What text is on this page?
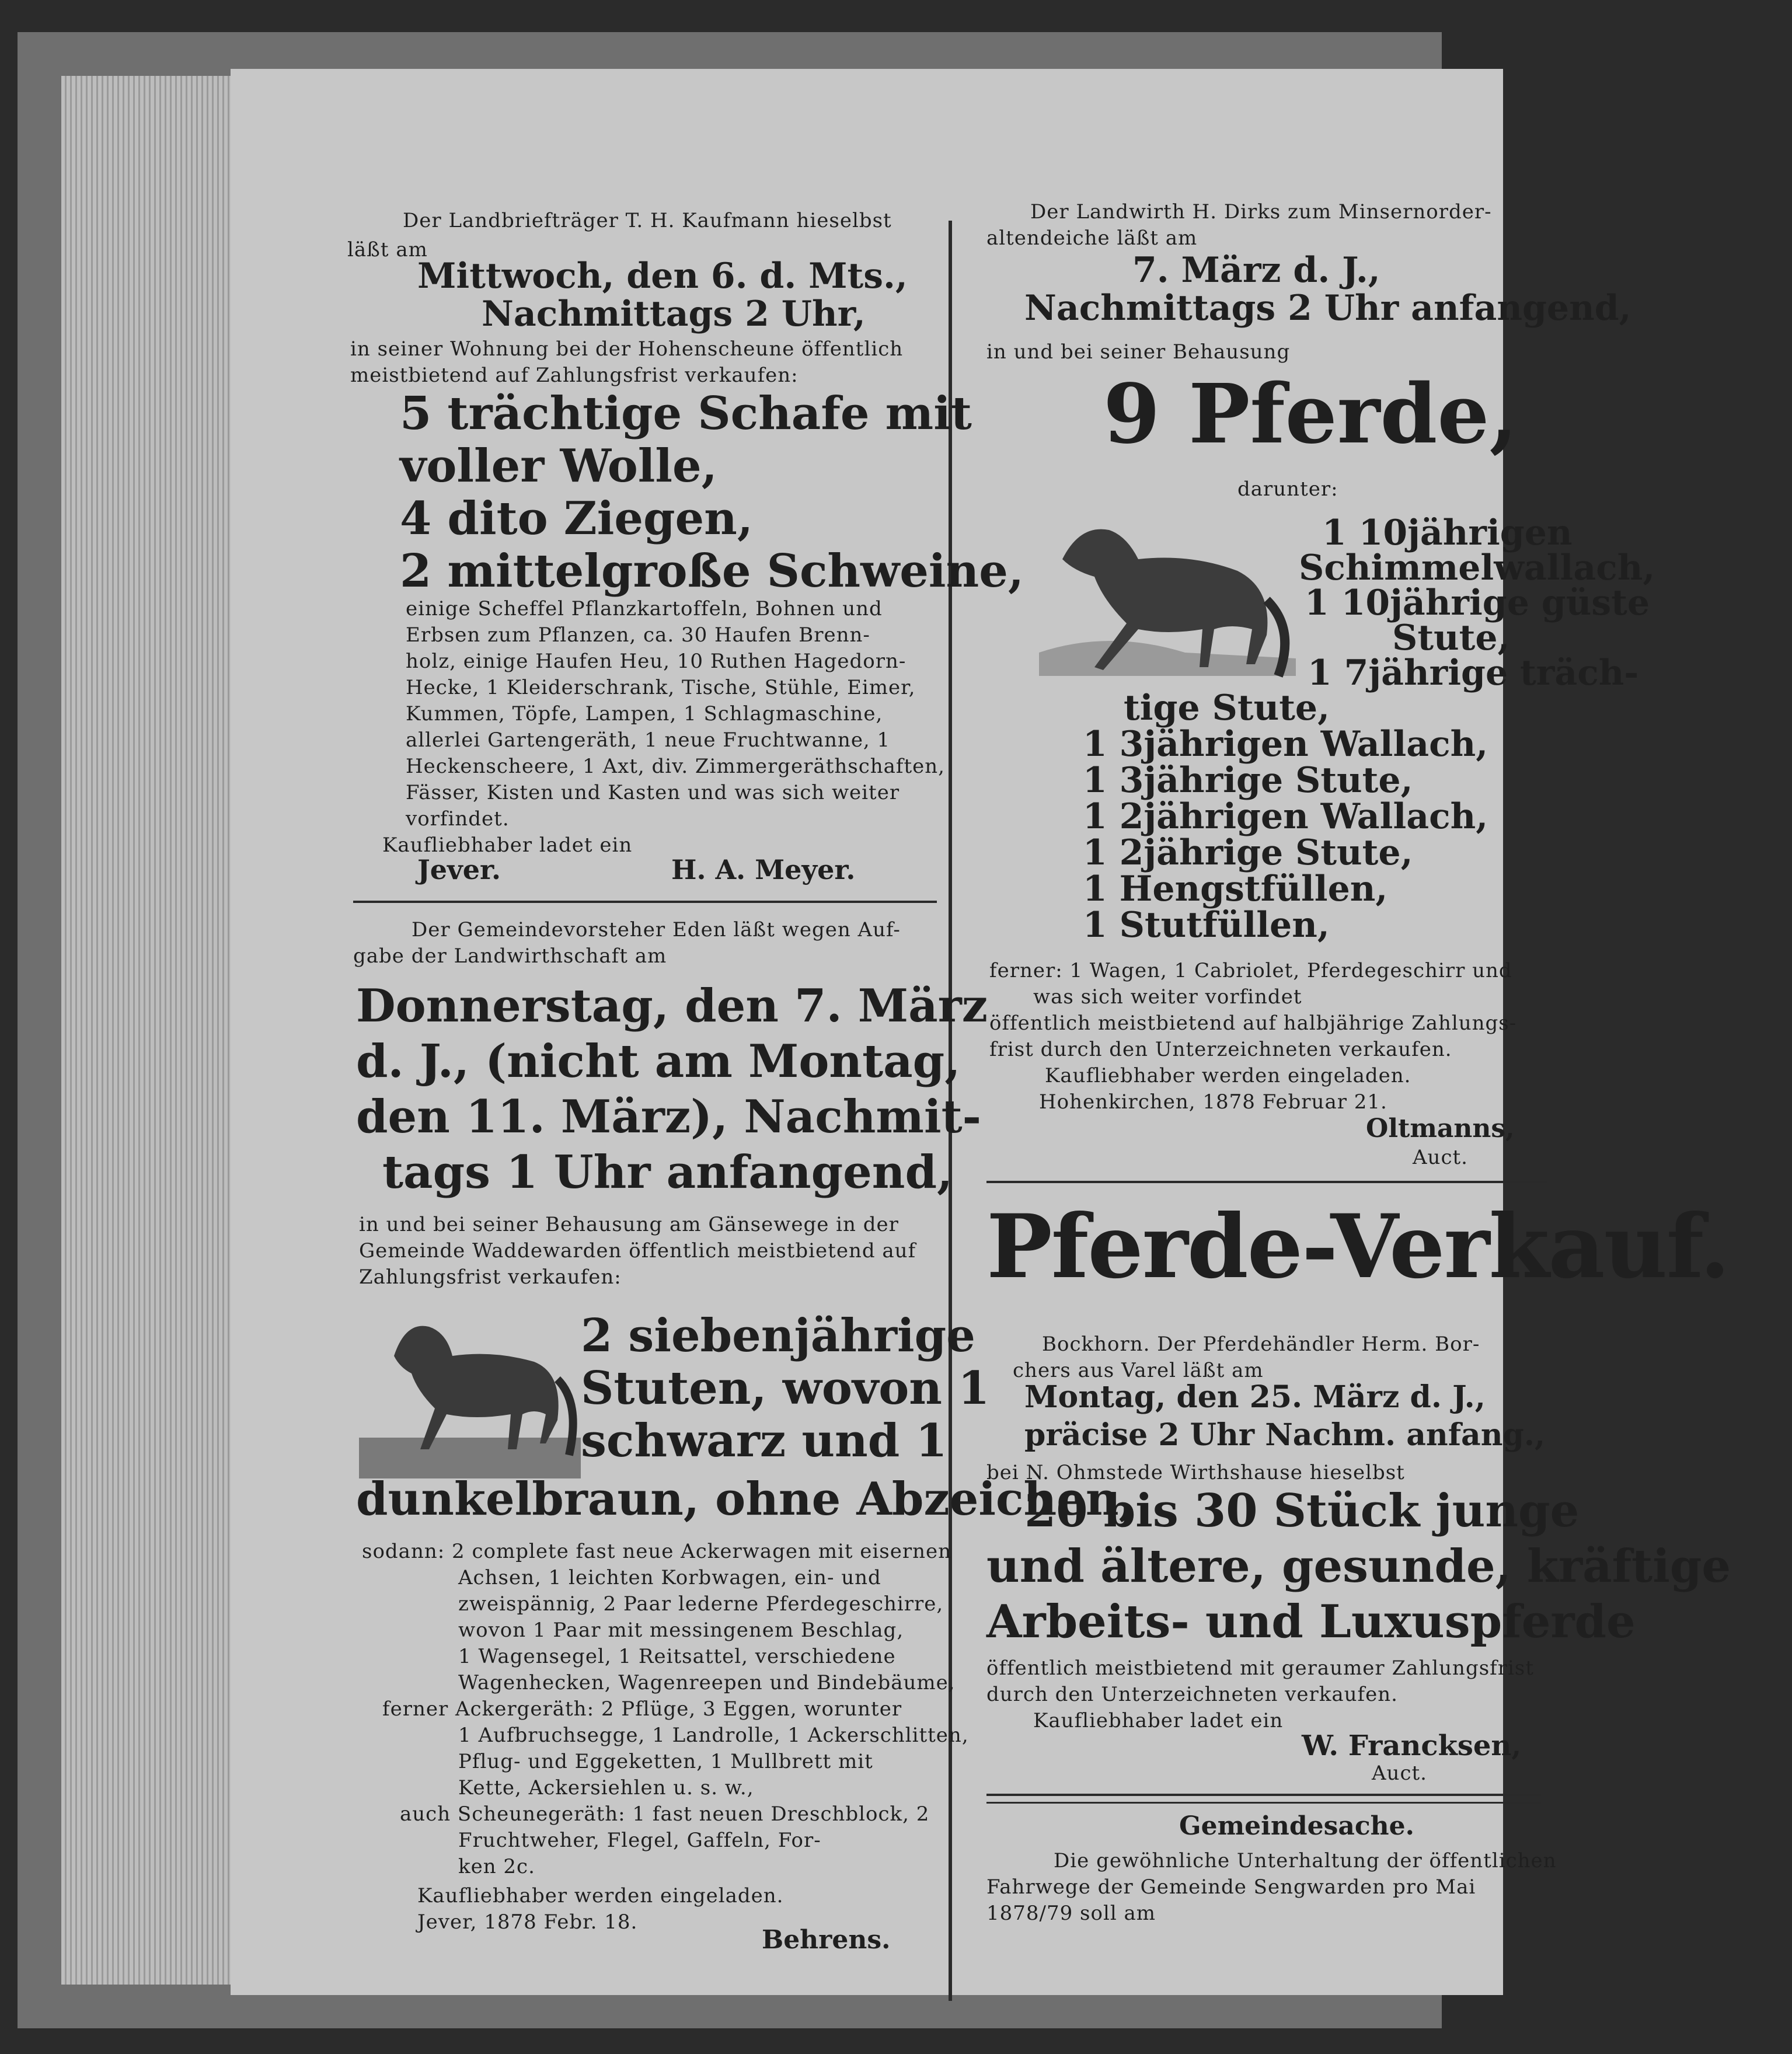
Der Landbriefträger T. H. Kaufmann hieselbst
läßt am
Mittwoch, den 6. d. Mts.,
Nachmittags 2 Uhr,
in seiner Wohnung bei der Hohenscheune öffentlich
meistbietend auf Zahlungsfrist verkaufen:
5 trächtige Schafe mit
voller Wolle,
4 dito Ziegen,
2 mittelgroße Schweine,
einige Scheffel Pflanzkartoffeln, Bohnen und
Erbsen zum Pflanzen, ca. 30 Haufen Brenn-
holz, einige Haufen Heu, 10 Ruthen Hagedorn-
Hecke, 1 Kleiderschrank, Tische, Stühle, Eimer,
Kummen, Töpfe, Lampen, 1 Schlagmaschine,
allerlei Gartengeräth, 1 neue Fruchtwanne, 1
Heckenscheere, 1 Axt, div. Zimmergeräthschaften,
Fässer, Kisten und Kasten und was sich weiter
vorfindet.
Kaufliebhaber ladet ein
Jever.	H. A. Meyer.
Der Gemeindevorsteher Eden läßt wegen Auf-
gabe der Landwirthschaft am
Donnerstag, den 7. März
d. J., (nicht am Montag,
den 11. März), Nachmit-
tags 1 Uhr anfangend,
in und bei seiner Behausung am Gänsewege in der
Gemeinde Waddewarden öffentlich meistbietend auf
Zahlungsfrist verkaufen:
2 siebenjährige
Stuten, wovon 1
schwarz und 1
dunkelbraun, ohne Abzeichen,
sodann: 2 complete fast neue Ackerwagen mit eisernen
Achsen, 1 leichten Korbwagen, ein- und
zweispännig, 2 Paar lederne Pferdegeschirre,
wovon 1 Paar mit messingenem Beschlag,
1 Wagensegel, 1 Reitsattel, verschiedene
Wagenhecken, Wagenreepen und Bindebäume,
ferner Ackergeräth: 2 Pflüge, 3 Eggen, worunter
1 Aufbruchsegge, 1 Landrolle, 1 Ackerschlitten,
Pflug- und Eggeketten, 1 Mullbrett mit
Kette, Ackersiehlen u. s. w.,
auch Scheunegeräth: 1 fast neuen Dreschblock, 2
Fruchtweher, Flegel, Gaffeln, For-
ken 2c.
Kaufliebhaber werden eingeladen.
Jever, 1878 Febr. 18.
Behrens.
Der Landwirth H. Dirks zum Minsernorder-
altendeiche läßt am
7. März d. J.,
Nachmittags 2 Uhr anfangend,
in und bei seiner Behausung
9 Pferde,
darunter:
1 10jährigen
Schimmelwallach,
1 10jährige güste
Stute,
1 7jährige träch-
tige Stute,
1 3jährigen Wallach,
1 3jährige Stute,
1 2jährigen Wallach,
1 2jährige Stute,
1 Hengstfüllen,
1 Stutfüllen,
ferner: 1 Wagen, 1 Cabriolet, Pferdegeschirr und
was sich weiter vorfindet
öffentlich meistbietend auf halbjährige Zahlungs-
frist durch den Unterzeichneten verkaufen.
Kaufliebhaber werden eingeladen.
Hohenkirchen, 1878 Februar 21.
Oltmanns,
Auct.
Pferde-Verkauf.
Bockhorn. Der Pferdehändler Herm. Bor-
chers aus Varel läßt am
Montag, den 25. März d. J.,
präcise 2 Uhr Nachm. anfang.,
bei N. Ohmstede Wirthshause hieselbst
20 bis 30 Stück junge
und ältere, gesunde, kräftige
Arbeits- und Luxuspferde
öffentlich meistbietend mit geraumer Zahlungsfrist
durch den Unterzeichneten verkaufen.
Kaufliebhaber ladet ein
W. Francksen,
Auct.
Gemeindesache.
Die gewöhnliche Unterhaltung der öffentlichen
Fahrwege der Gemeinde Sengwarden pro Mai
1878/79 soll am
